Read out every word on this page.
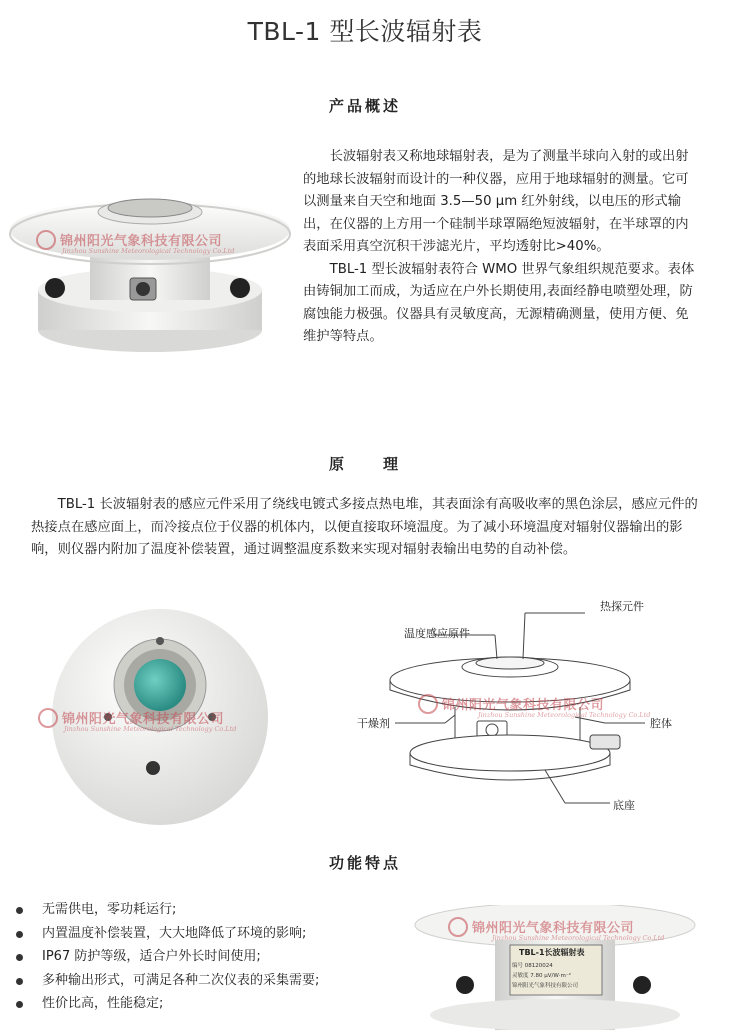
TBL-1 型长波辐射表
产品概述
锦州阳光气象科技有限公司
Jinzhou Sunshine Meteorological Technology Co.Ltd

长波辐射表又称地球辐射表，是为了测量半球向入射的或出射的地球长波辐射而设计的一种仪器，应用于地球辐射的测量。它可以测量来自天空和地面 3.5—50 μm 红外射线，以电压的形式输出，在仪器的上方用一个硅制半球罩隔绝短波辐射，在半球罩的内表面采用真空沉积干涉滤光片，平均透射比>40%。

TBL-1 型长波辐射表符合 WMO 世界气象组织规范要求。表体由铸铜加工而成，为适应在户外长期使用,表面经静电喷塑处理，防腐蚀能力极强。仪器具有灵敏度高，无源精确测量，使用方便、免维护等特点。

原　　理

TBL-1 长波辐射表的感应元件采用了绕线电镀式多接点热电堆，其表面涂有高吸收率的黑色涂层，感应元件的热接点在感应面上，而冷接点位于仪器的机体内，以便直接取环境温度。为了减小环境温度对辐射仪器输出的影响，则仪器内附加了温度补偿装置，通过调整温度系数来实现对辐射表输出电势的自动补偿。

锦州阳光气象科技有限公司
Jinzhou Sunshine Meteorological Technology Co.Ltd
热探元件
温度感应原件
干燥剂	腔体
底座
锦州阳光气象科技有限公司
Jinzhou Sunshine Meteorological Technology Co.Ltd
功能特点
无需供电，零功耗运行;
内置温度补偿装置，大大地降低了环境的影响;
IP67 防护等级，适合户外长时间使用;
多种输出形式，可满足各种二次仪表的采集需要;
性价比高，性能稳定;
TBL-1长波辐射表
编号 08120024
灵敏度 7.80 μV/W·m⁻²
锦州阳光气象科技有限公司
锦州阳光气象科技有限公司
Jinzhou Sunshine Meteorological Technology Co.Ltd
